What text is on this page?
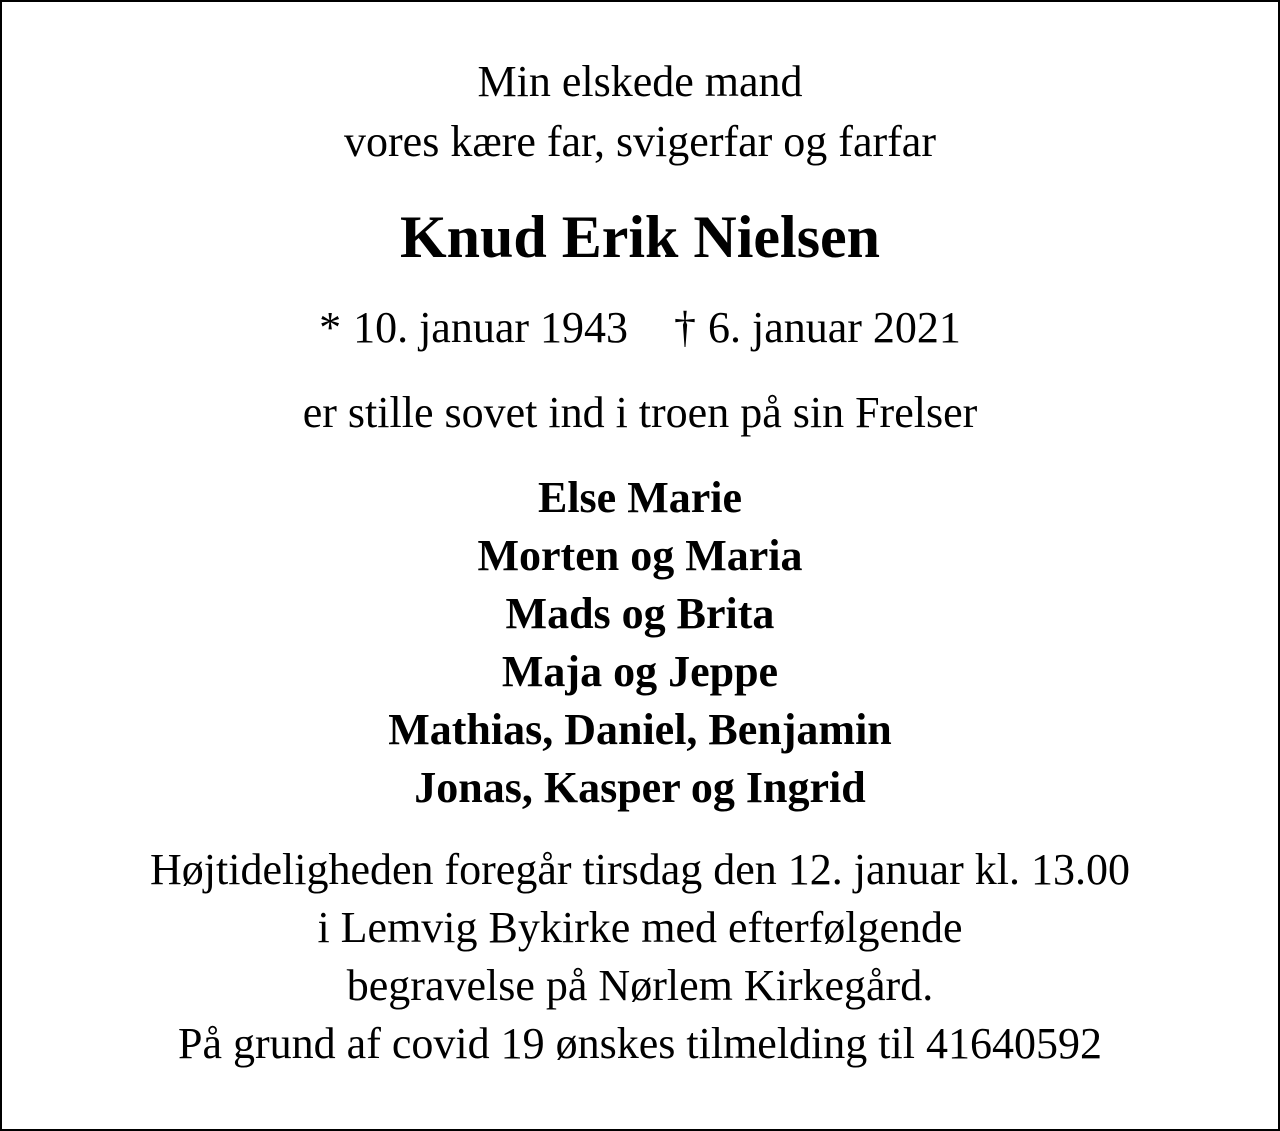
Min elskede mand
vores kære far, svigerfar og farfar
Knud Erik Nielsen
* 10. januar 1943 † 6. januar 2021
er stille sovet ind i troen på sin Frelser
Else Marie
Morten og Maria
Mads og Brita
Maja og Jeppe
Mathias, Daniel, Benjamin
Jonas, Kasper og Ingrid
Højtideligheden foregår tirsdag den 12. januar kl. 13.00
i Lemvig Bykirke med efterfølgende
begravelse på Nørlem Kirkegård.
På grund af covid 19 ønskes tilmelding til 41640592
